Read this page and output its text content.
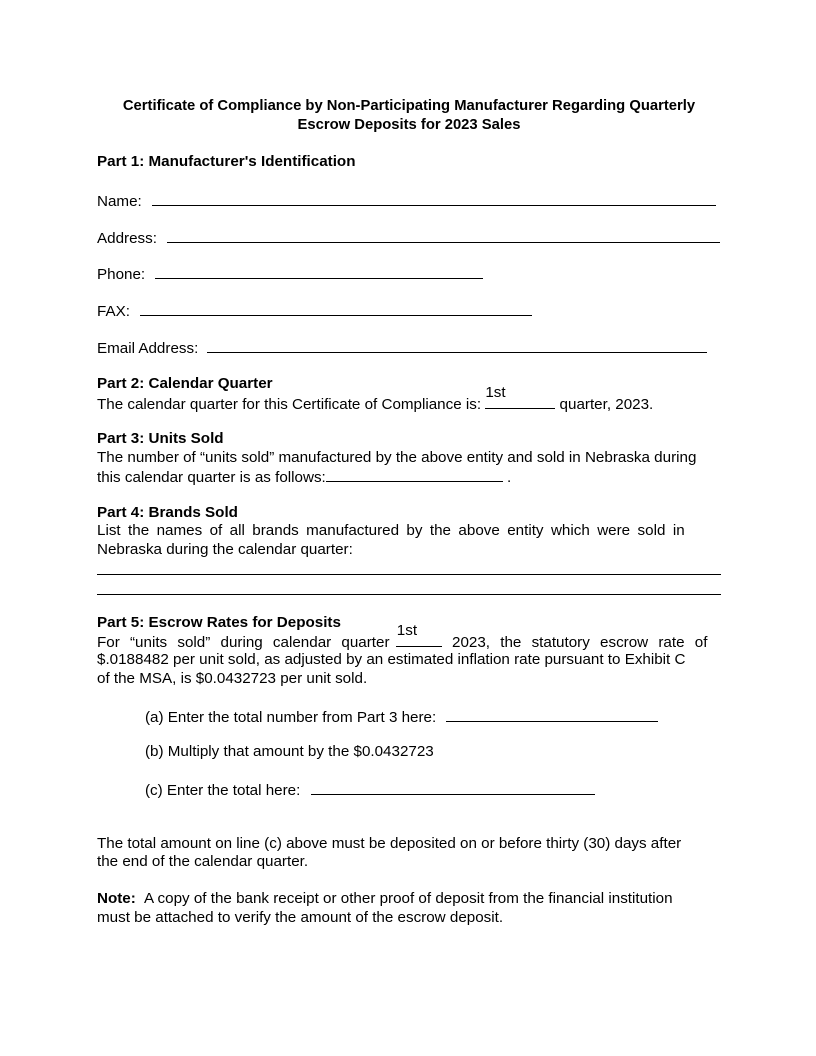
Certificate of Compliance by Non-Participating Manufacturer Regarding Quarterly
Escrow Deposits for 2023 Sales
Part 1: Manufacturer's Identification
Name:
Address:
Phone:
FAX:
Email Address:
Part 2: Calendar Quarter
The calendar quarter for this Certificate of Compliance is:
1st
quarter, 2023.
Part 3: Units Sold
The number of “units sold” manufactured by the above entity and sold in Nebraska during
this calendar quarter is as follows:	.
Part 4: Brands Sold
List the names of all brands manufactured by the above entity which were sold in
Nebraska during the calendar quarter:
Part 5: Escrow Rates for Deposits
For “units sold” during calendar quarter
1st
2023, the statutory escrow rate of
$.0188482 per unit sold, as adjusted by an estimated inflation rate pursuant to Exhibit C
of the MSA, is $0.0432723 per unit sold.
(a) Enter the total number from Part 3 here:
(b) Multiply that amount by the $0.0432723
(c) Enter the total here:
The total amount on line (c) above must be deposited on or before thirty (30) days after
the end of the calendar quarter.
Note: A copy of the bank receipt or other proof of deposit from the financial institution
must be attached to verify the amount of the escrow deposit.
